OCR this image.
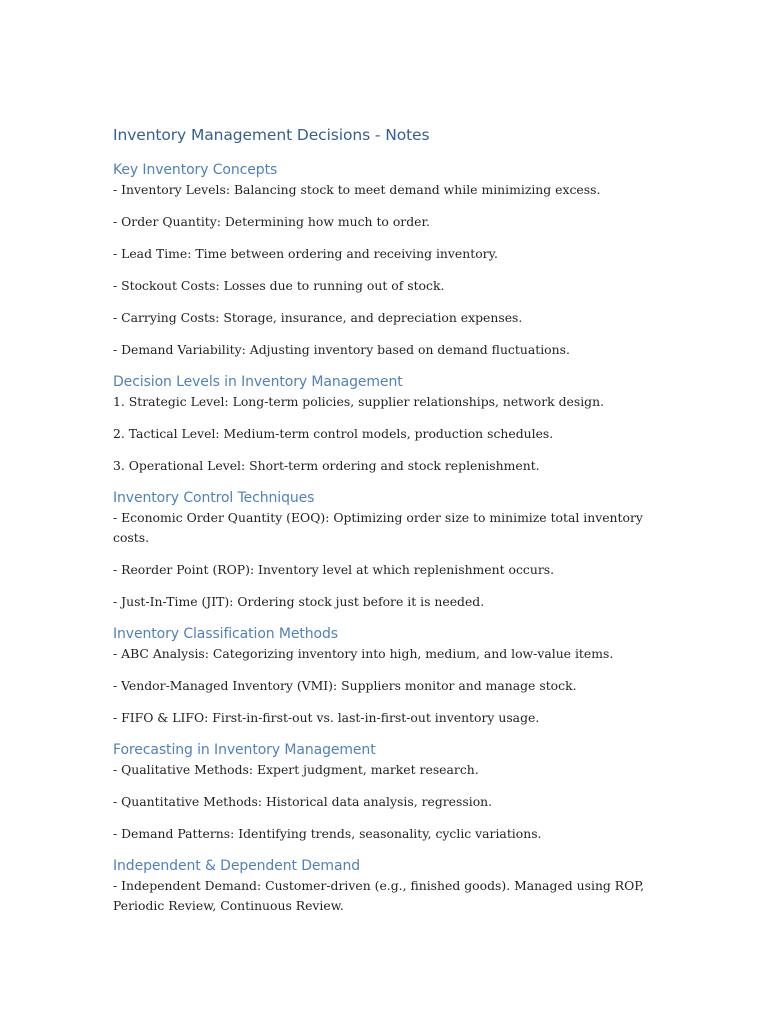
Inventory Management Decisions - Notes
Key Inventory Concepts

- Inventory Levels: Balancing stock to meet demand while minimizing excess.

- Order Quantity: Determining how much to order.

- Lead Time: Time between ordering and receiving inventory.

- Stockout Costs: Losses due to running out of stock.

- Carrying Costs: Storage, insurance, and depreciation expenses.

- Demand Variability: Adjusting inventory based on demand fluctuations.

Decision Levels in Inventory Management

1. Strategic Level: Long-term policies, supplier relationships, network design.

2. Tactical Level: Medium-term control models, production schedules.

3. Operational Level: Short-term ordering and stock replenishment.

Inventory Control Techniques

- Economic Order Quantity (EOQ): Optimizing order size to minimize total inventory costs.

- Reorder Point (ROP): Inventory level at which replenishment occurs.

- Just-In-Time (JIT): Ordering stock just before it is needed.

Inventory Classification Methods

- ABC Analysis: Categorizing inventory into high, medium, and low-value items.

- Vendor-Managed Inventory (VMI): Suppliers monitor and manage stock.

- FIFO & LIFO: First-in-first-out vs. last-in-first-out inventory usage.

Forecasting in Inventory Management

- Qualitative Methods: Expert judgment, market research.

- Quantitative Methods: Historical data analysis, regression.

- Demand Patterns: Identifying trends, seasonality, cyclic variations.

Independent & Dependent Demand

- Independent Demand: Customer-driven (e.g., finished goods). Managed using ROP, Periodic Review, Continuous Review.
